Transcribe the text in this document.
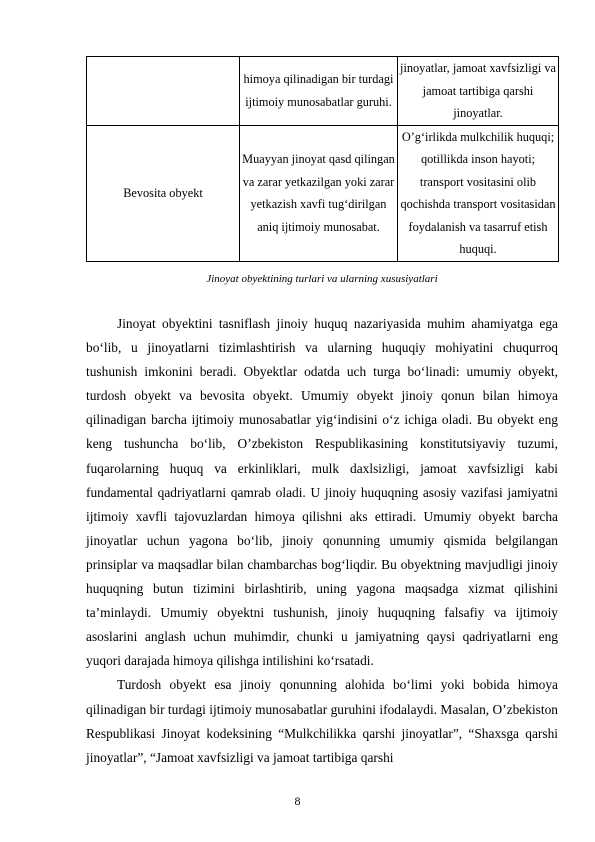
	himoya qilinadigan bir turdagi ijtimoiy munosabatlar guruhi.	jinoyatlar, jamoat xavfsizligi va jamoat tartibiga qarshi jinoyatlar.
Bevosita obyekt	Muayyan jinoyat qasd qilingan va zarar yetkazilgan yoki zarar yetkazish xavfi tug‘dirilgan aniq ijtimoiy munosabat.	O’g‘irlikda mulkchilik huquqi; qotillikda inson hayoti; transport vositasini olib qochishda transport vositasidan foydalanish va tasarruf etish huquqi.
Jinoyat obyektining turlari va ularning xususiyatlari

Jinoyat obyektini tasniflash jinoiy huquq nazariyasida muhim ahamiyatga ega bo‘lib, u jinoyatlarni tizimlashtirish va ularning huquqiy mohiyatini chuqurroq tushunish imkonini beradi. Obyektlar odatda uch turga bo‘linadi: umumiy obyekt, turdosh obyekt va bevosita obyekt. Umumiy obyekt jinoiy qonun bilan himoya qilinadigan barcha ijtimoiy munosabatlar yig‘indisini o‘z ichiga oladi. Bu obyekt eng keng tushuncha bo‘lib, O’zbekiston Respublikasining konstitutsiyaviy tuzumi, fuqarolarning huquq va erkinliklari, mulk daxlsizligi, jamoat xavfsizligi kabi fundamental qadriyatlarni qamrab oladi. U jinoiy huquqning asosiy vazifasi jamiyatni ijtimoiy xavfli tajovuzlardan himoya qilishni aks ettiradi. Umumiy obyekt barcha jinoyatlar uchun yagona bo‘lib, jinoiy qonunning umumiy qismida belgilangan prinsiplar va maqsadlar bilan chambarchas bog‘liqdir. Bu obyektning mavjudligi jinoiy huquqning butun tizimini birlashtirib, uning yagona maqsadga xizmat qilishini ta’minlaydi. Umumiy obyektni tushunish, jinoiy huquqning falsafiy va ijtimoiy asoslarini anglash uchun muhimdir, chunki u jamiyatning qaysi qadriyatlarni eng yuqori darajada himoya qilishga intilishini ko‘rsatadi.

Turdosh obyekt esa jinoiy qonunning alohida bo‘limi yoki bobida himoya qilinadigan bir turdagi ijtimoiy munosabatlar guruhini ifodalaydi. Masalan, O’zbekiston Respublikasi Jinoyat kodeksining “Mulkchilikka qarshi jinoyatlar”, “Shaxsga qarshi jinoyatlar”, “Jamoat xavfsizligi va jamoat tartibiga qarshi

8
